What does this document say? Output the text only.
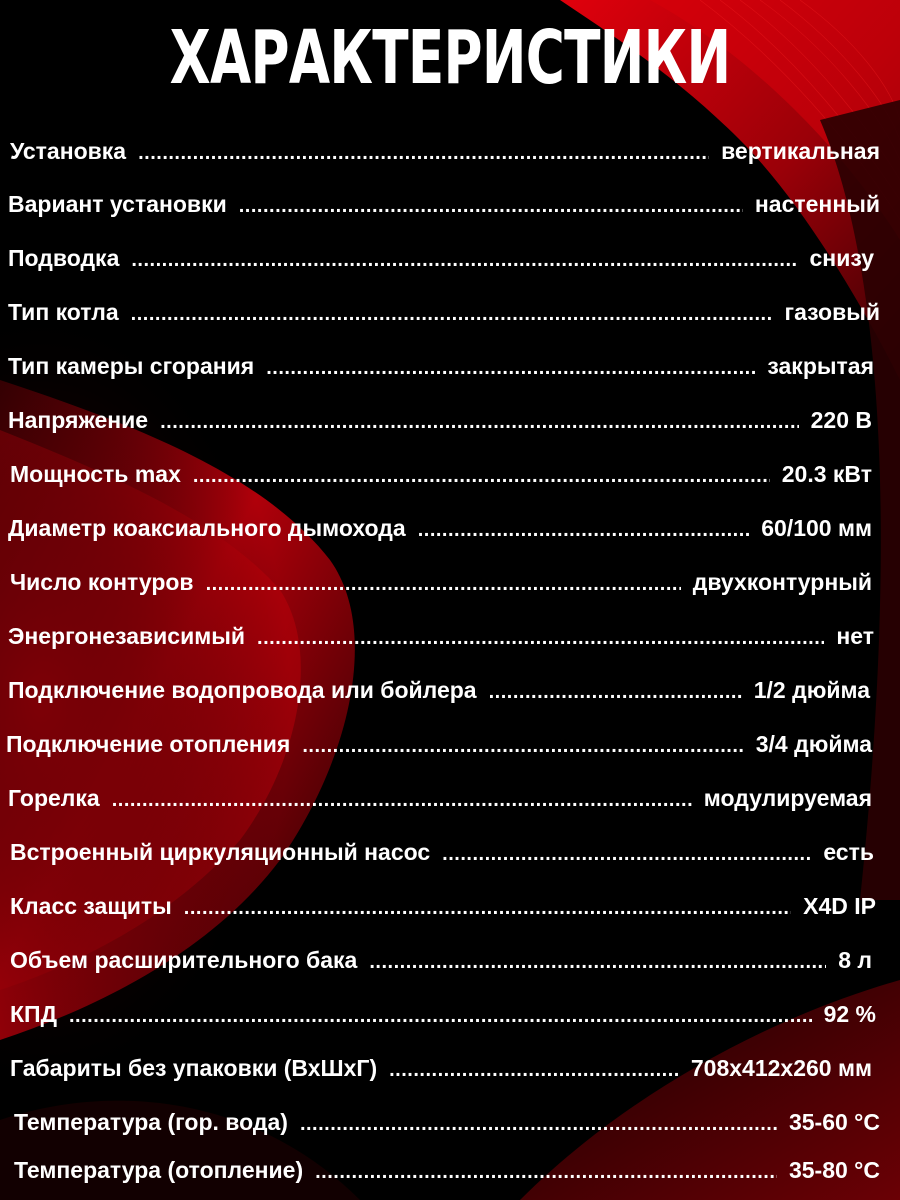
ХАРАКТЕРИСТИКИ
Установка .....	вертикальная
Вариант установки .....	настенный
Подводка .....	снизу
Тип котла .....	газовый
Тип камеры сгорания .....	закрытая
Напряжение .....	220 В
Мощность max .....	20.3 кВт
Диаметр коаксиального дымохода .....	60/100 мм
Число контуров .....	двухконтурный
Энергонезависимый .....	нет
Подключение водопровода или бойлера .....	1/2 дюйма
Подключение отопления .....	3/4 дюйма
Горелка .....	модулируемая
Встроенный циркуляционный насос .....	есть
Класс защиты .....	X4D IP
Объем расширительного бака .....	8 л
КПД .....	92 %
Габариты без упаковки (ВхШхГ) .....	708x412x260 мм
Температура (гор. вода) .....	35-60 °C
Температура (отопление) .....	35-80 °C
